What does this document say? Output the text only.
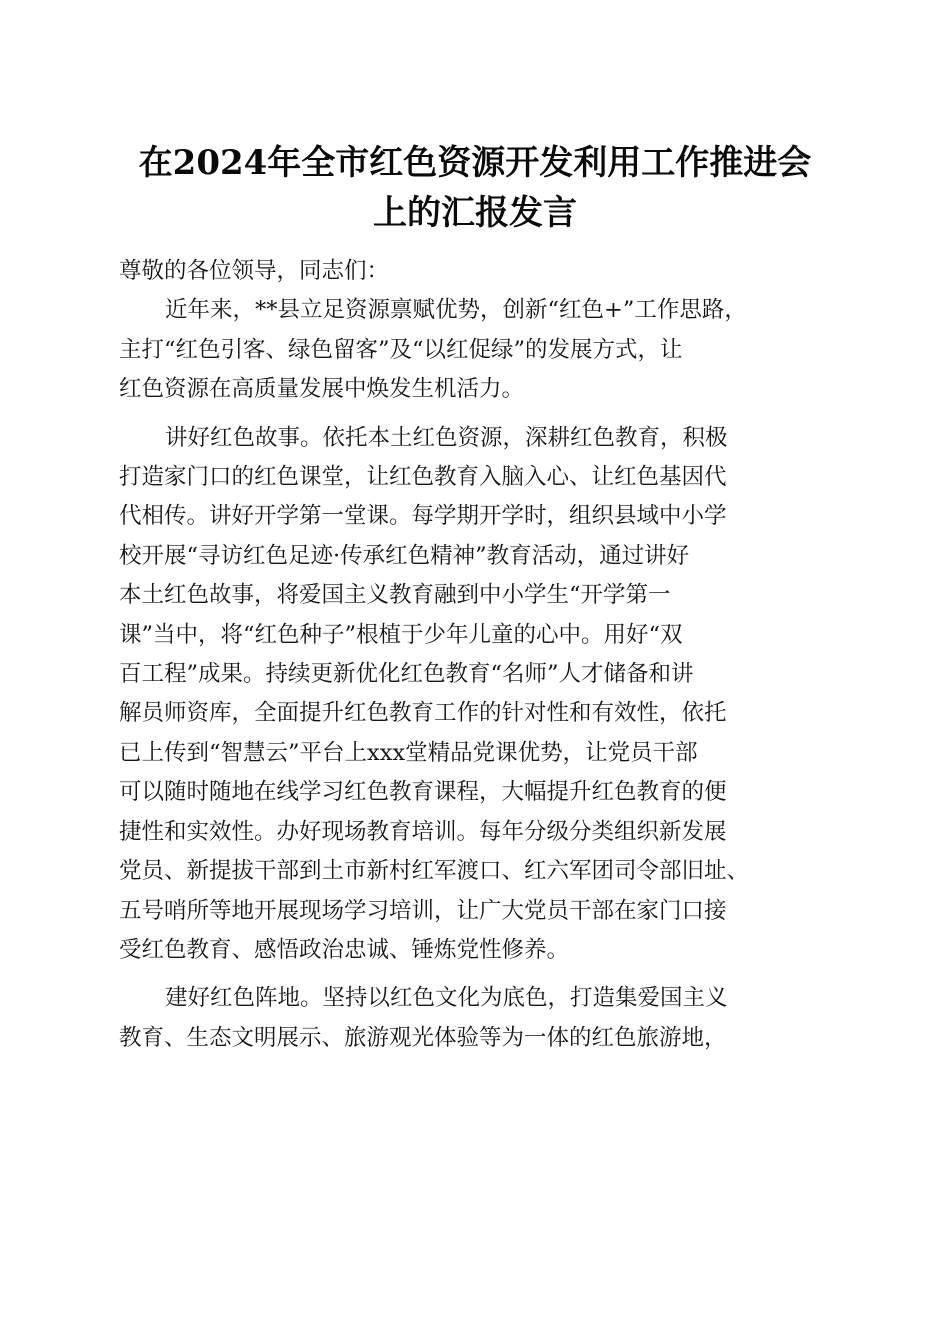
在2024年全市红色资源开发利用工作推进会
上的汇报发言

尊敬的各位领导，同志们：

近年来，**县立足资源禀赋优势，创新“红色+”工作思路，
主打“红色引客、绿色留客”及“以红促绿”的发展方式，让
红色资源在高质量发展中焕发生机活力。

讲好红色故事。依托本土红色资源，深耕红色教育，积极
打造家门口的红色课堂，让红色教育入脑入心、让红色基因代
代相传。讲好开学第一堂课。每学期开学时，组织县域中小学
校开展“寻访红色足迹·传承红色精神”教育活动，通过讲好
本土红色故事，将爱国主义教育融到中小学生“开学第一
课”当中，将“红色种子”根植于少年儿童的心中。用好“双
百工程”成果。持续更新优化红色教育“名师”人才储备和讲
解员师资库，全面提升红色教育工作的针对性和有效性，依托
已上传到“智慧云”平台上xxx堂精品党课优势，让党员干部
可以随时随地在线学习红色教育课程，大幅提升红色教育的便
捷性和实效性。办好现场教育培训。每年分级分类组织新发展
党员、新提拔干部到土市新村红军渡口、红六军团司令部旧址、
五号哨所等地开展现场学习培训，让广大党员干部在家门口接
受红色教育、感悟政治忠诚、锤炼党性修养。

建好红色阵地。坚持以红色文化为底色，打造集爱国主义
教育、生态文明展示、旅游观光体验等为一体的红色旅游地，
